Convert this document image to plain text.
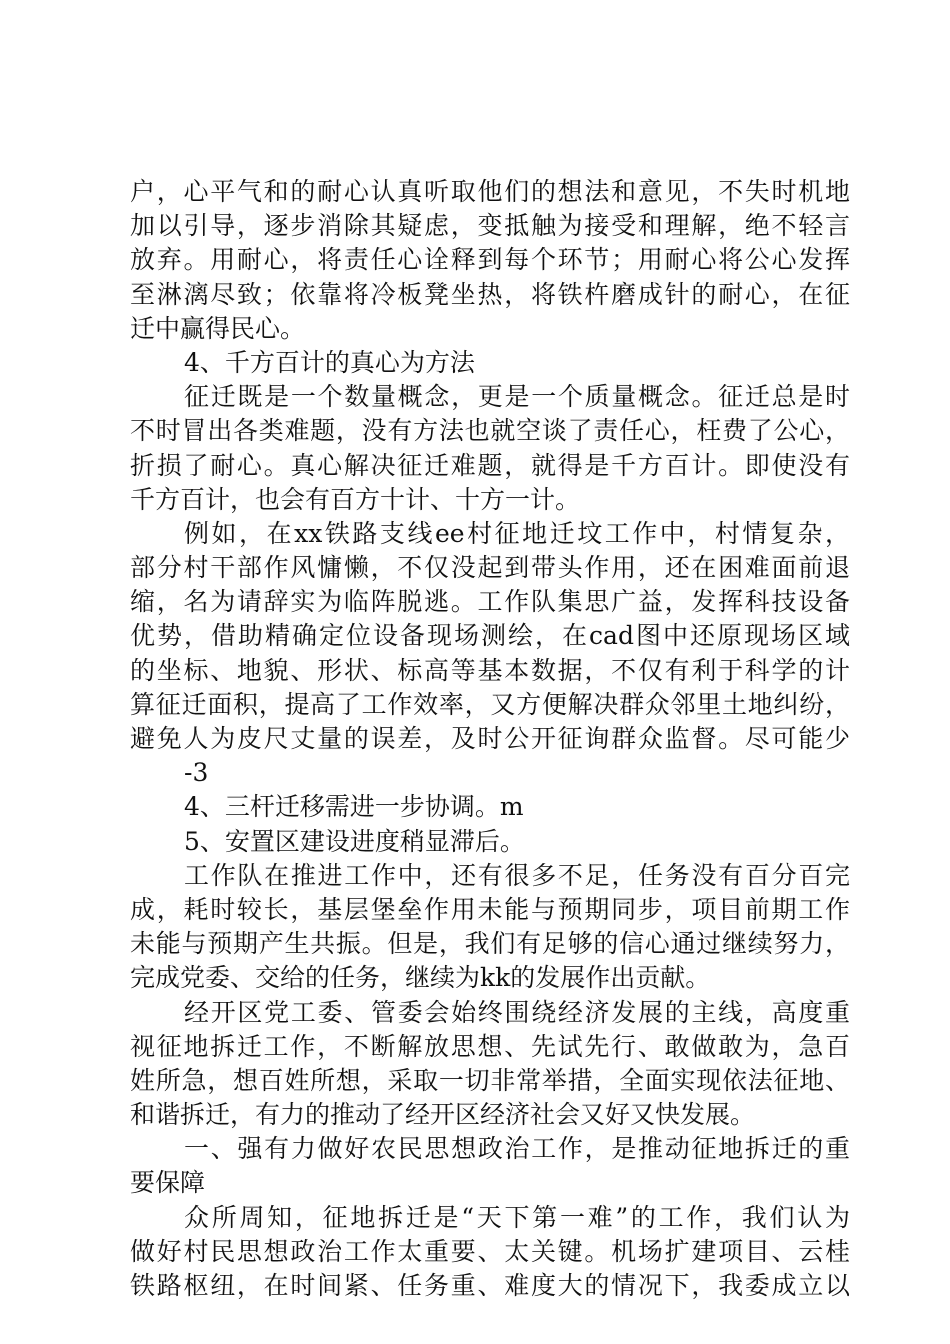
户，心平气和的耐心认真听取他们的想法和意见，不失时机地
加以引导，逐步消除其疑虑，变抵触为接受和理解，绝不轻言
放弃。用耐心，将责任心诠释到每个环节；用耐心将公心发挥
至淋漓尽致；依靠将冷板凳坐热，将铁杵磨成针的耐心，在征
迁中赢得民心。
4、千方百计的真心为方法
征迁既是一个数量概念，更是一个质量概念。征迁总是时
不时冒出各类难题，没有方法也就空谈了责任心，枉费了公心，
折损了耐心。真心解决征迁难题，就得是千方百计。即使没有
千方百计，也会有百方十计、十方一计。
例如，在xx铁路支线ee村征地迁坟工作中，村情复杂，
部分村干部作风慵懒，不仅没起到带头作用，还在困难面前退
缩，名为请辞实为临阵脱逃。工作队集思广益，发挥科技设备
优势，借助精确定位设备现场测绘，在cad图中还原现场区域
的坐标、地貌、形状、标高等基本数据，不仅有利于科学的计
算征迁面积，提高了工作效率，又方便解决群众邻里土地纠纷，
避免人为皮尺丈量的误差，及时公开征询群众监督。尽可能少
-3
4、三杆迁移需进一步协调。m
5、安置区建设进度稍显滞后。
工作队在推进工作中，还有很多不足，任务没有百分百完
成，耗时较长，基层堡垒作用未能与预期同步，项目前期工作
未能与预期产生共振。但是，我们有足够的信心通过继续努力，
完成党委、交给的任务，继续为kk的发展作出贡献。
经开区党工委、管委会始终围绕经济发展的主线，高度重
视征地拆迁工作，不断解放思想、先试先行、敢做敢为，急百
姓所急，想百姓所想，采取一切非常举措，全面实现依法征地、
和谐拆迁，有力的推动了经开区经济社会又好又快发展。
一、强有力做好农民思想政治工作，是推动征地拆迁的重
要保障
众所周知，征地拆迁是“天下第一难”的工作，我们认为
做好村民思想政治工作太重要、太关键。机场扩建项目、云桂
铁路枢纽，在时间紧、任务重、难度大的情况下，我委成立以
